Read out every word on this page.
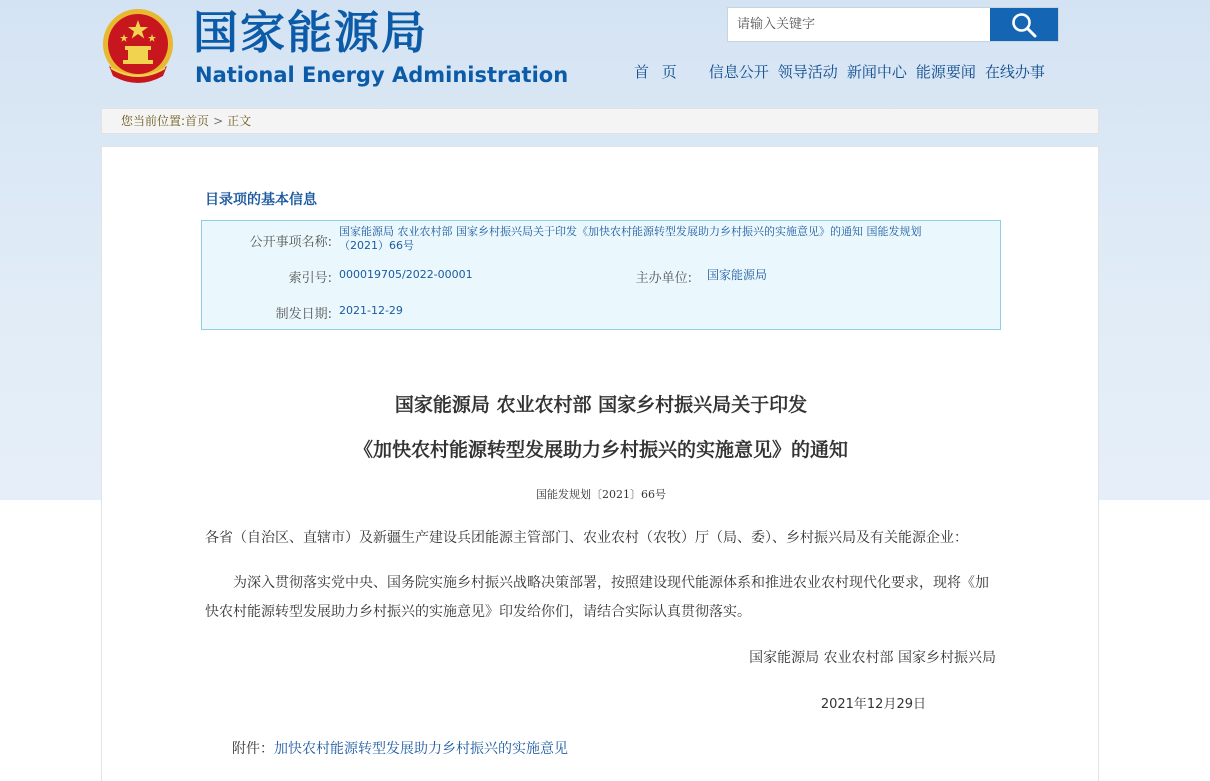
国家能源局
National Energy Administration
请输入关键字	首 页 信息公开 领导活动 新闻中心 能源要闻 在线办事
您当前位置: 首页 > 正文
目录项的基本信息
公开事项名称:
国家能源局 农业农村部 国家乡村振兴局关于印发《加快农村能源转型发展助力乡村振兴的实施意见》的通知 国能发规划
（2021）66号
索引号: 000019705/2022-00001	主办单位: 国家能源局
制发日期: 2021-12-29
国家能源局 农业农村部 国家乡村振兴局关于印发
《加快农村能源转型发展助力乡村振兴的实施意见》的通知
国能发规划〔2021〕66号
各省（自治区、直辖市）及新疆生产建设兵团能源主管部门、农业农村（农牧）厅（局、委）、乡村振兴局及有关能源企业：
为深入贯彻落实党中央、国务院实施乡村振兴战略决策部署，按照建设现代能源体系和推进农业农村现代化要求，现将《加
快农村能源转型发展助力乡村振兴的实施意见》印发给你们，请结合实际认真贯彻落实。
国家能源局 农业农村部 国家乡村振兴局
2021年12月29日
附件：加快农村能源转型发展助力乡村振兴的实施意见
